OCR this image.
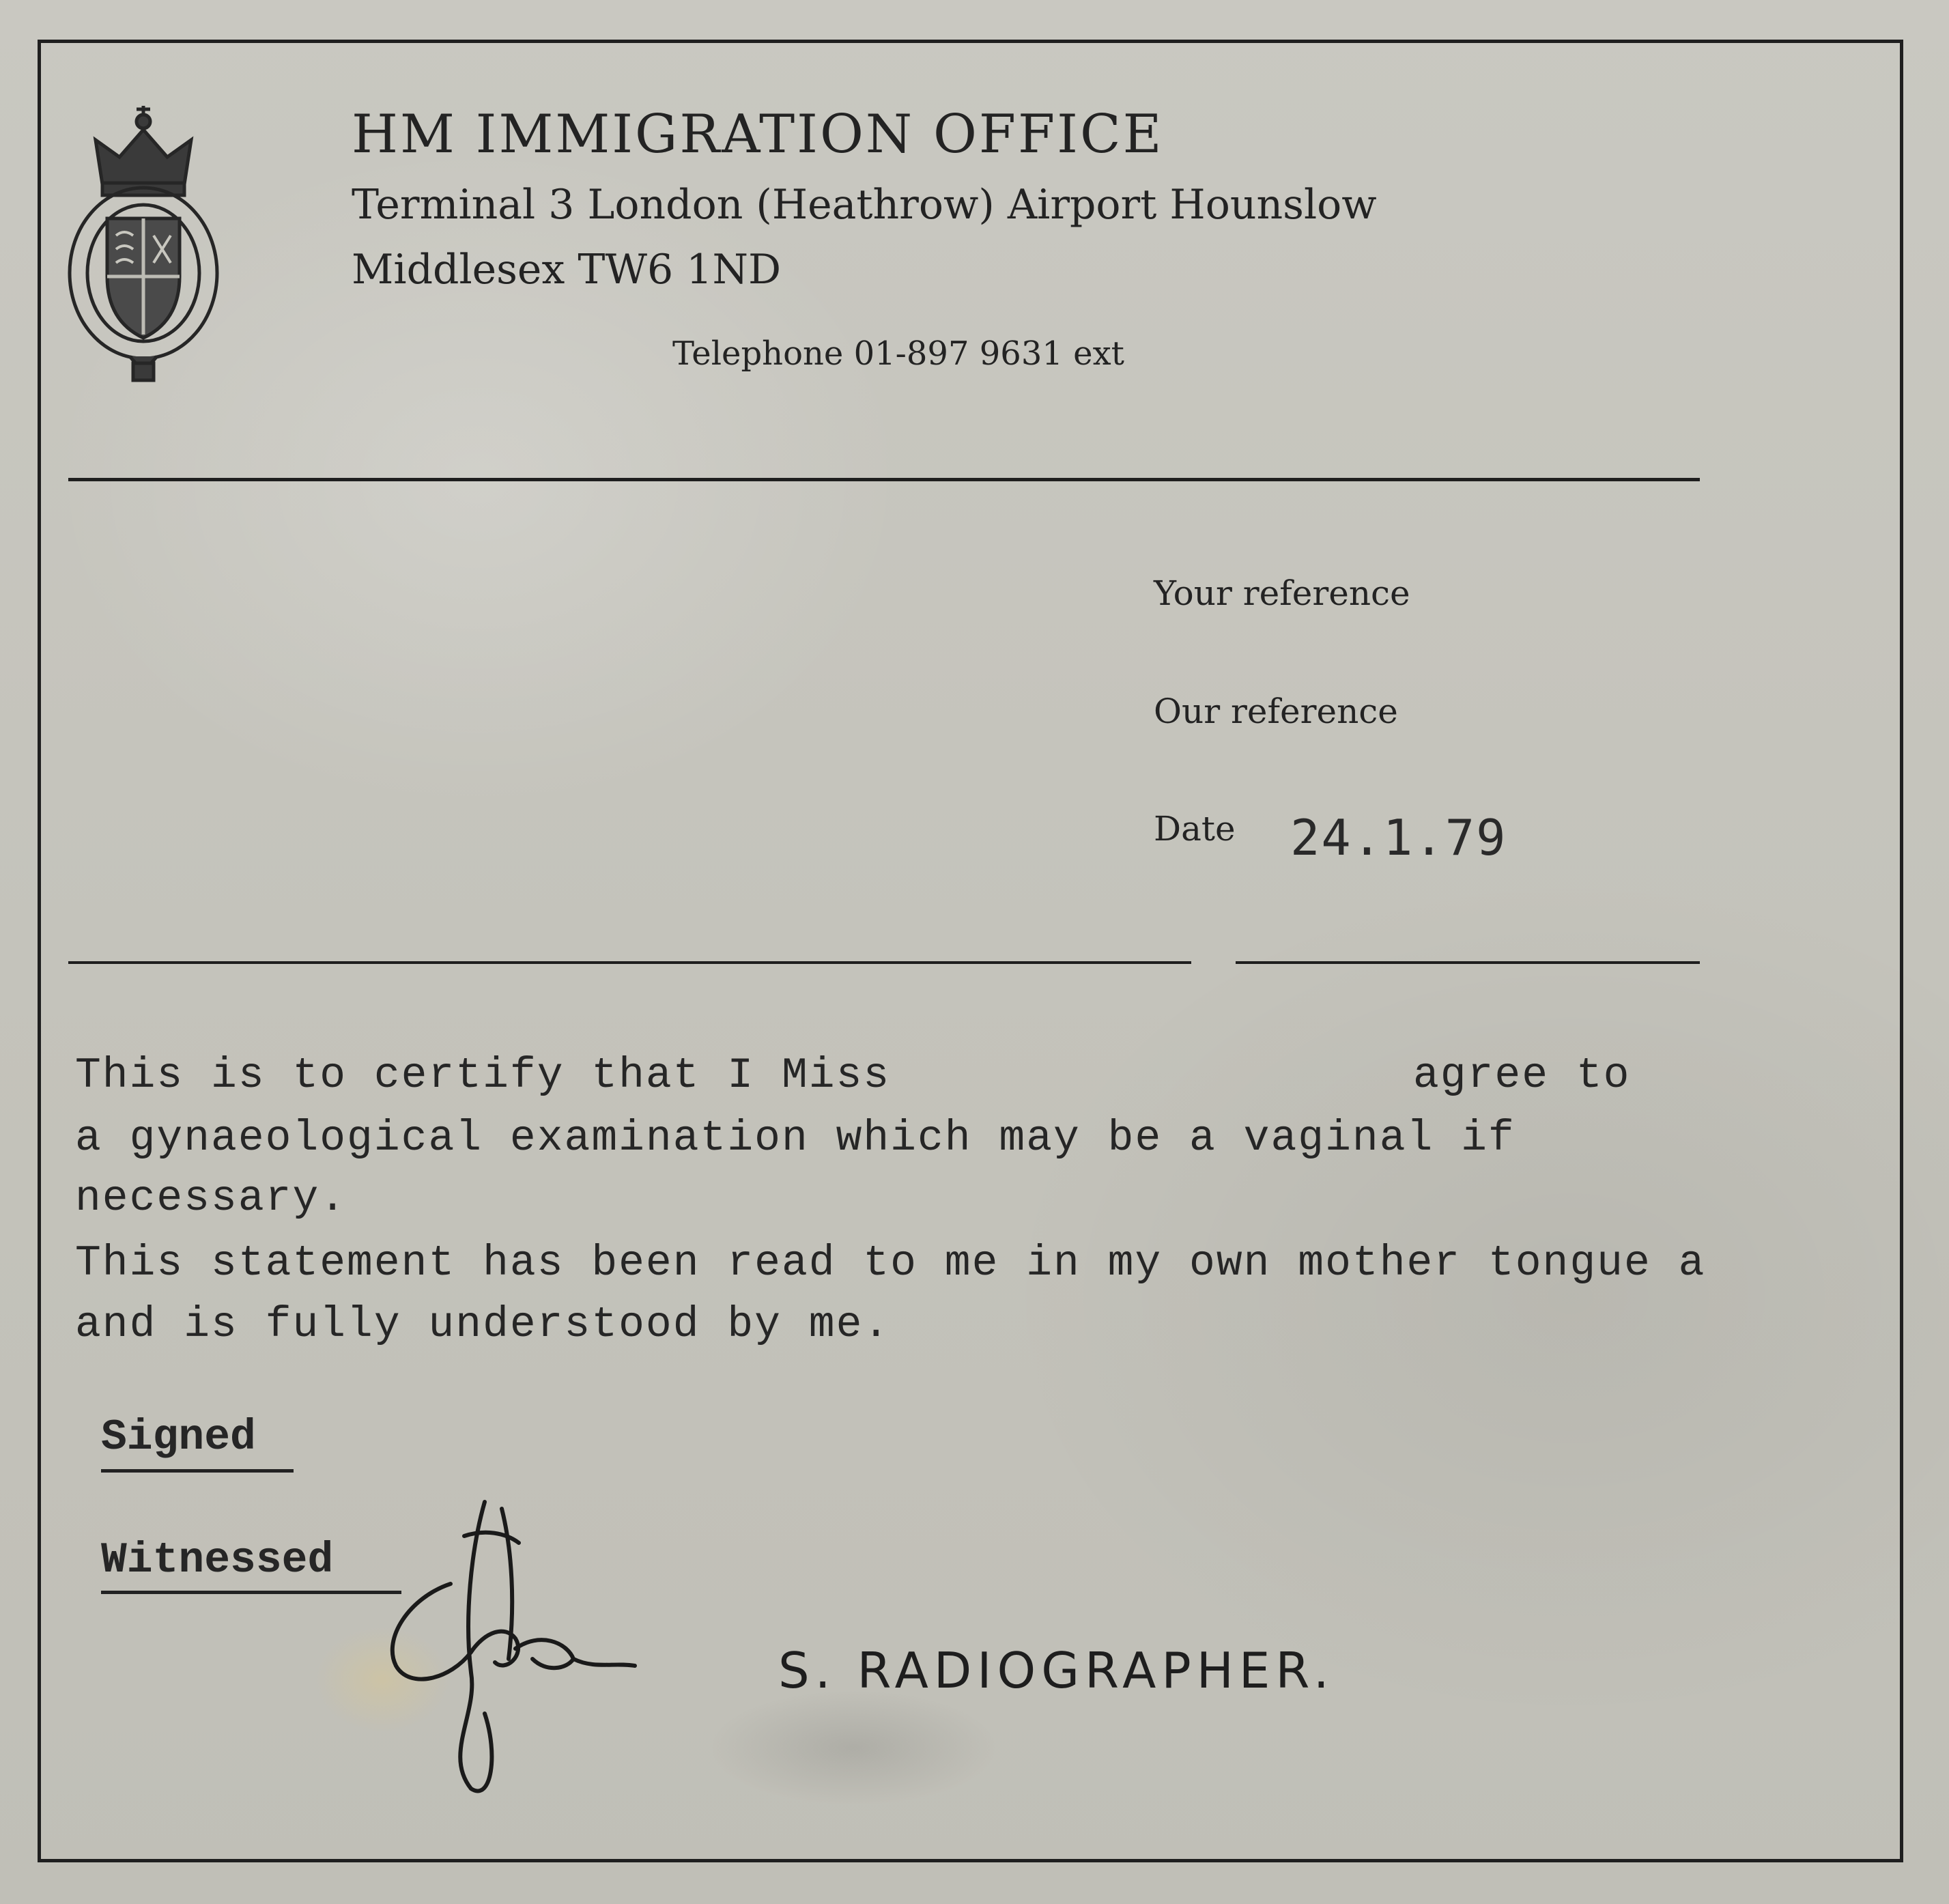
HM IMMIGRATION OFFICE
Terminal 3 London (Heathrow) Airport Hounslow
Middlesex TW6 1ND
Telephone 01-897 9631 ext
Your reference
Our reference
Date 24.1.79
This is to certify that I Miss	agree to
a gynaeological examination which may be a vaginal if
necessary.
This statement has been read to me in my own mother tongue a
and is fully understood by me.
Signed
Witnessed
S. RADIOGRAPHER.
